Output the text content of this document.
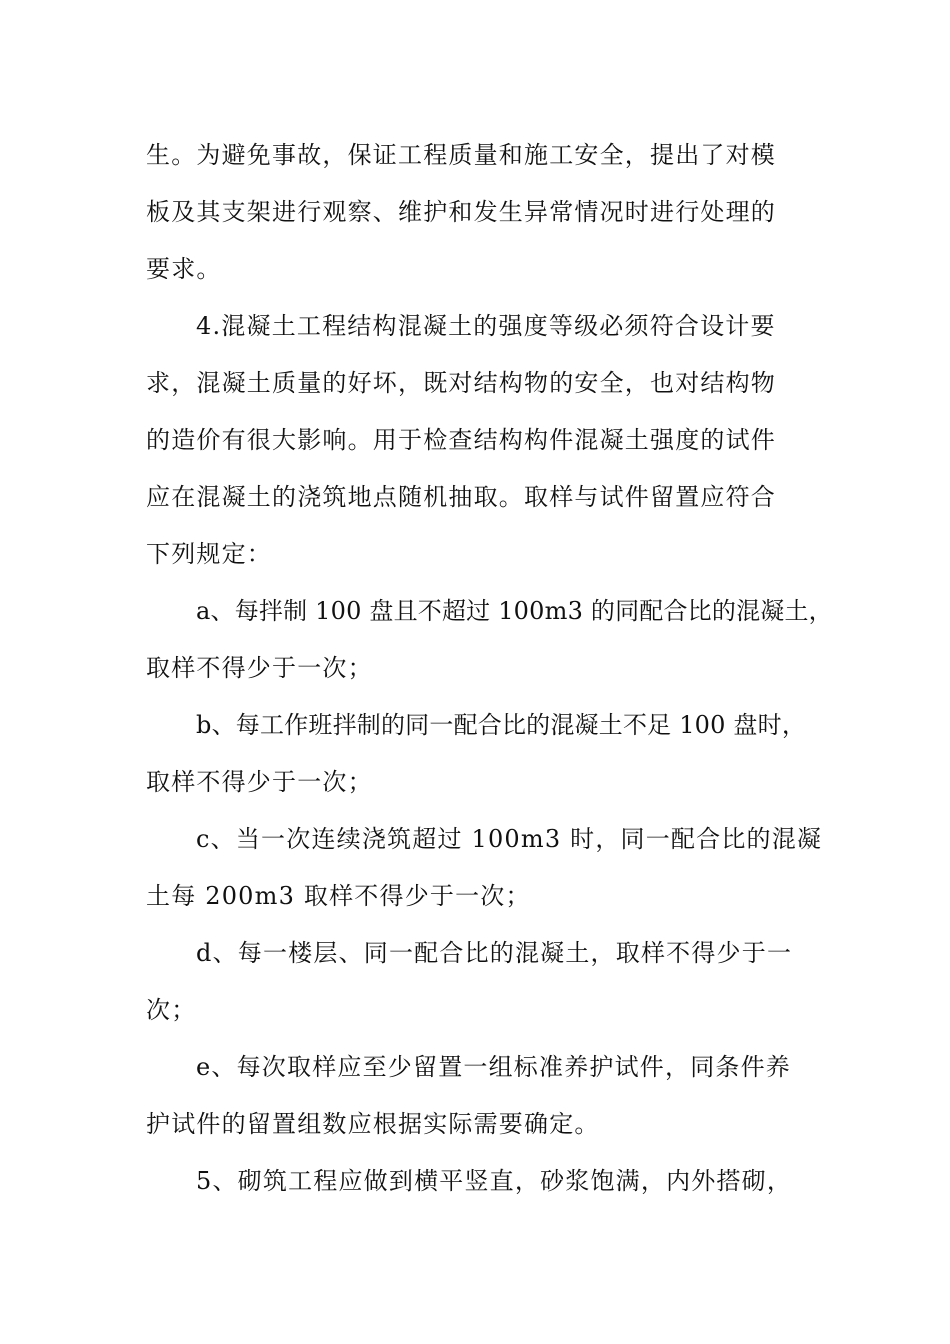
生。为避免事故，保证工程质量和施工安全，提出了对模
板及其支架进行观察、维护和发生异常情况时进行处理的
要求。
4.混凝土工程结构混凝土的强度等级必须符合设计要
求，混凝土质量的好坏，既对结构物的安全，也对结构物
的造价有很大影响。用于检查结构构件混凝土强度的试件
应在混凝土的浇筑地点随机抽取。取样与试件留置应符合
下列规定：
a、每拌制 100 盘且不超过 100m3 的同配合比的混凝土，
取样不得少于一次；
b、每工作班拌制的同一配合比的混凝土不足 100 盘时，
取样不得少于一次；
c、当一次连续浇筑超过 100m3 时，同一配合比的混凝
土每 200m3 取样不得少于一次；
d、每一楼层、同一配合比的混凝土，取样不得少于一
次；
e、每次取样应至少留置一组标准养护试件，同条件养
护试件的留置组数应根据实际需要确定。
5、砌筑工程应做到横平竖直，砂浆饱满，内外搭砌，
